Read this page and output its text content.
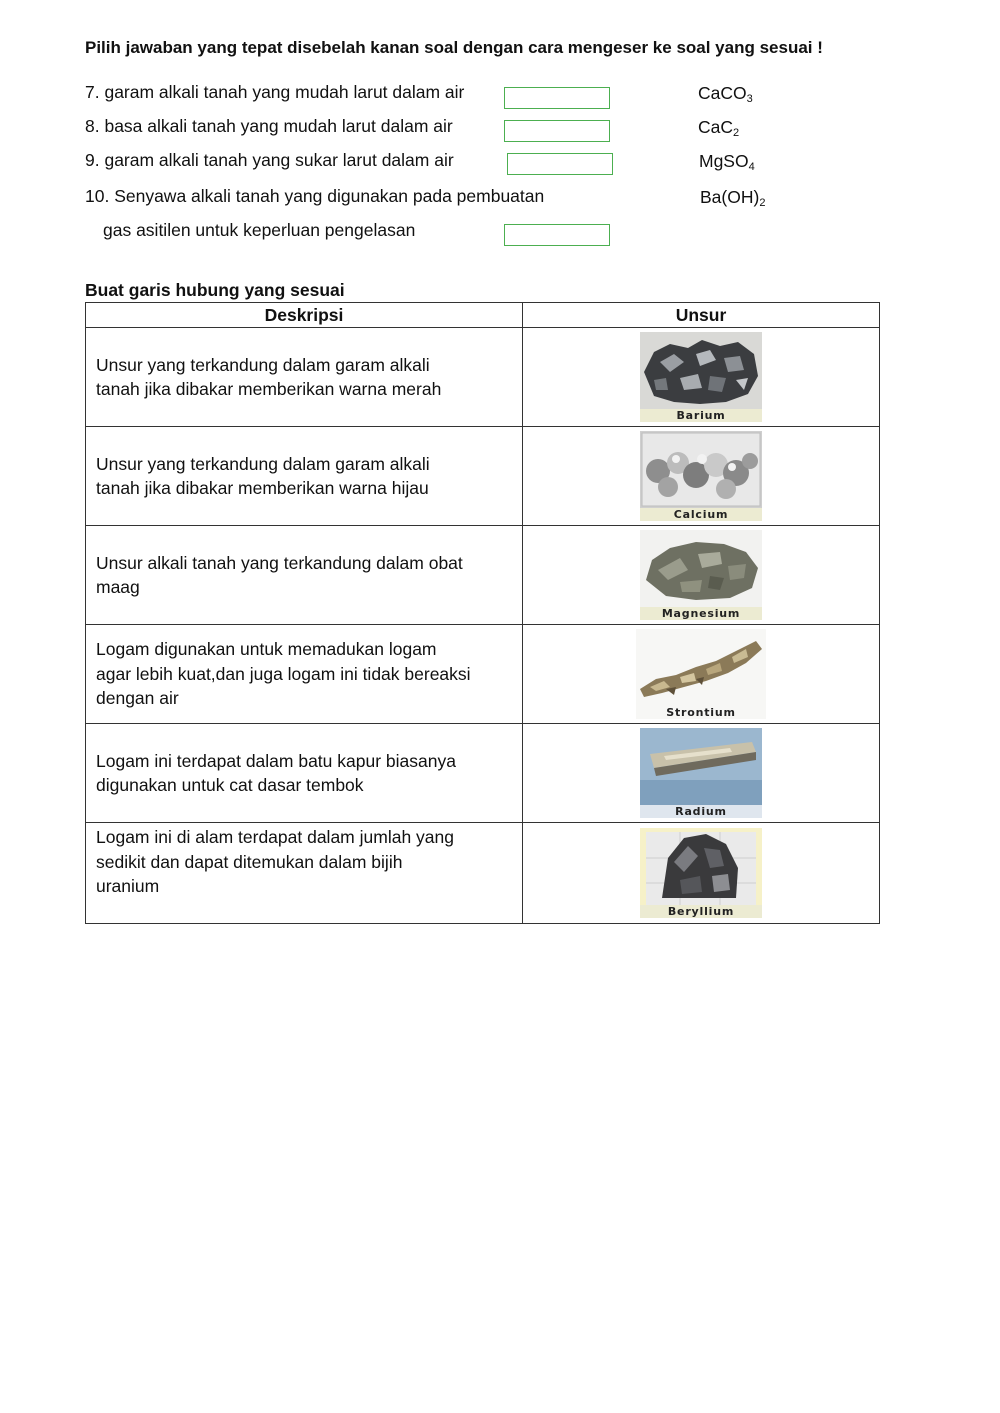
Pilih jawaban yang tepat disebelah kanan soal dengan cara mengeser ke soal yang sesuai !
7. garam alkali tanah yang mudah larut dalam air
8. basa alkali tanah yang mudah larut dalam air
9. garam alkali tanah yang sukar larut dalam air
10. Senyawa alkali tanah yang digunakan pada pembuatan
gas asitilen untuk keperluan pengelasan
CaCO$_3$
CaC$_2$
MgSO$_4$
$Ba(OH)_2$
Buat garis hubung yang sesuai
Deskripsi	Unsur

Unsur yang terkandung dalam garam alkali
tanah jika dibakar memberikan warna merah	Barium

Unsur yang terkandung dalam garam alkali
tanah jika dibakar memberikan warna hijau	Calcium

Unsur alkali tanah yang terkandung dalam obat
maag	Magnesium

Logam digunakan untuk memadukan logam
agar lebih kuat,dan juga logam ini tidak bereaksi
dengan air	Strontium

Logam ini terdapat dalam batu kapur biasanya
digunakan untuk cat dasar tembok	Radium

Logam ini di alam terdapat dalam jumlah yang
sedikit dan dapat ditemukan dalam bijih
uranium	Beryllium
